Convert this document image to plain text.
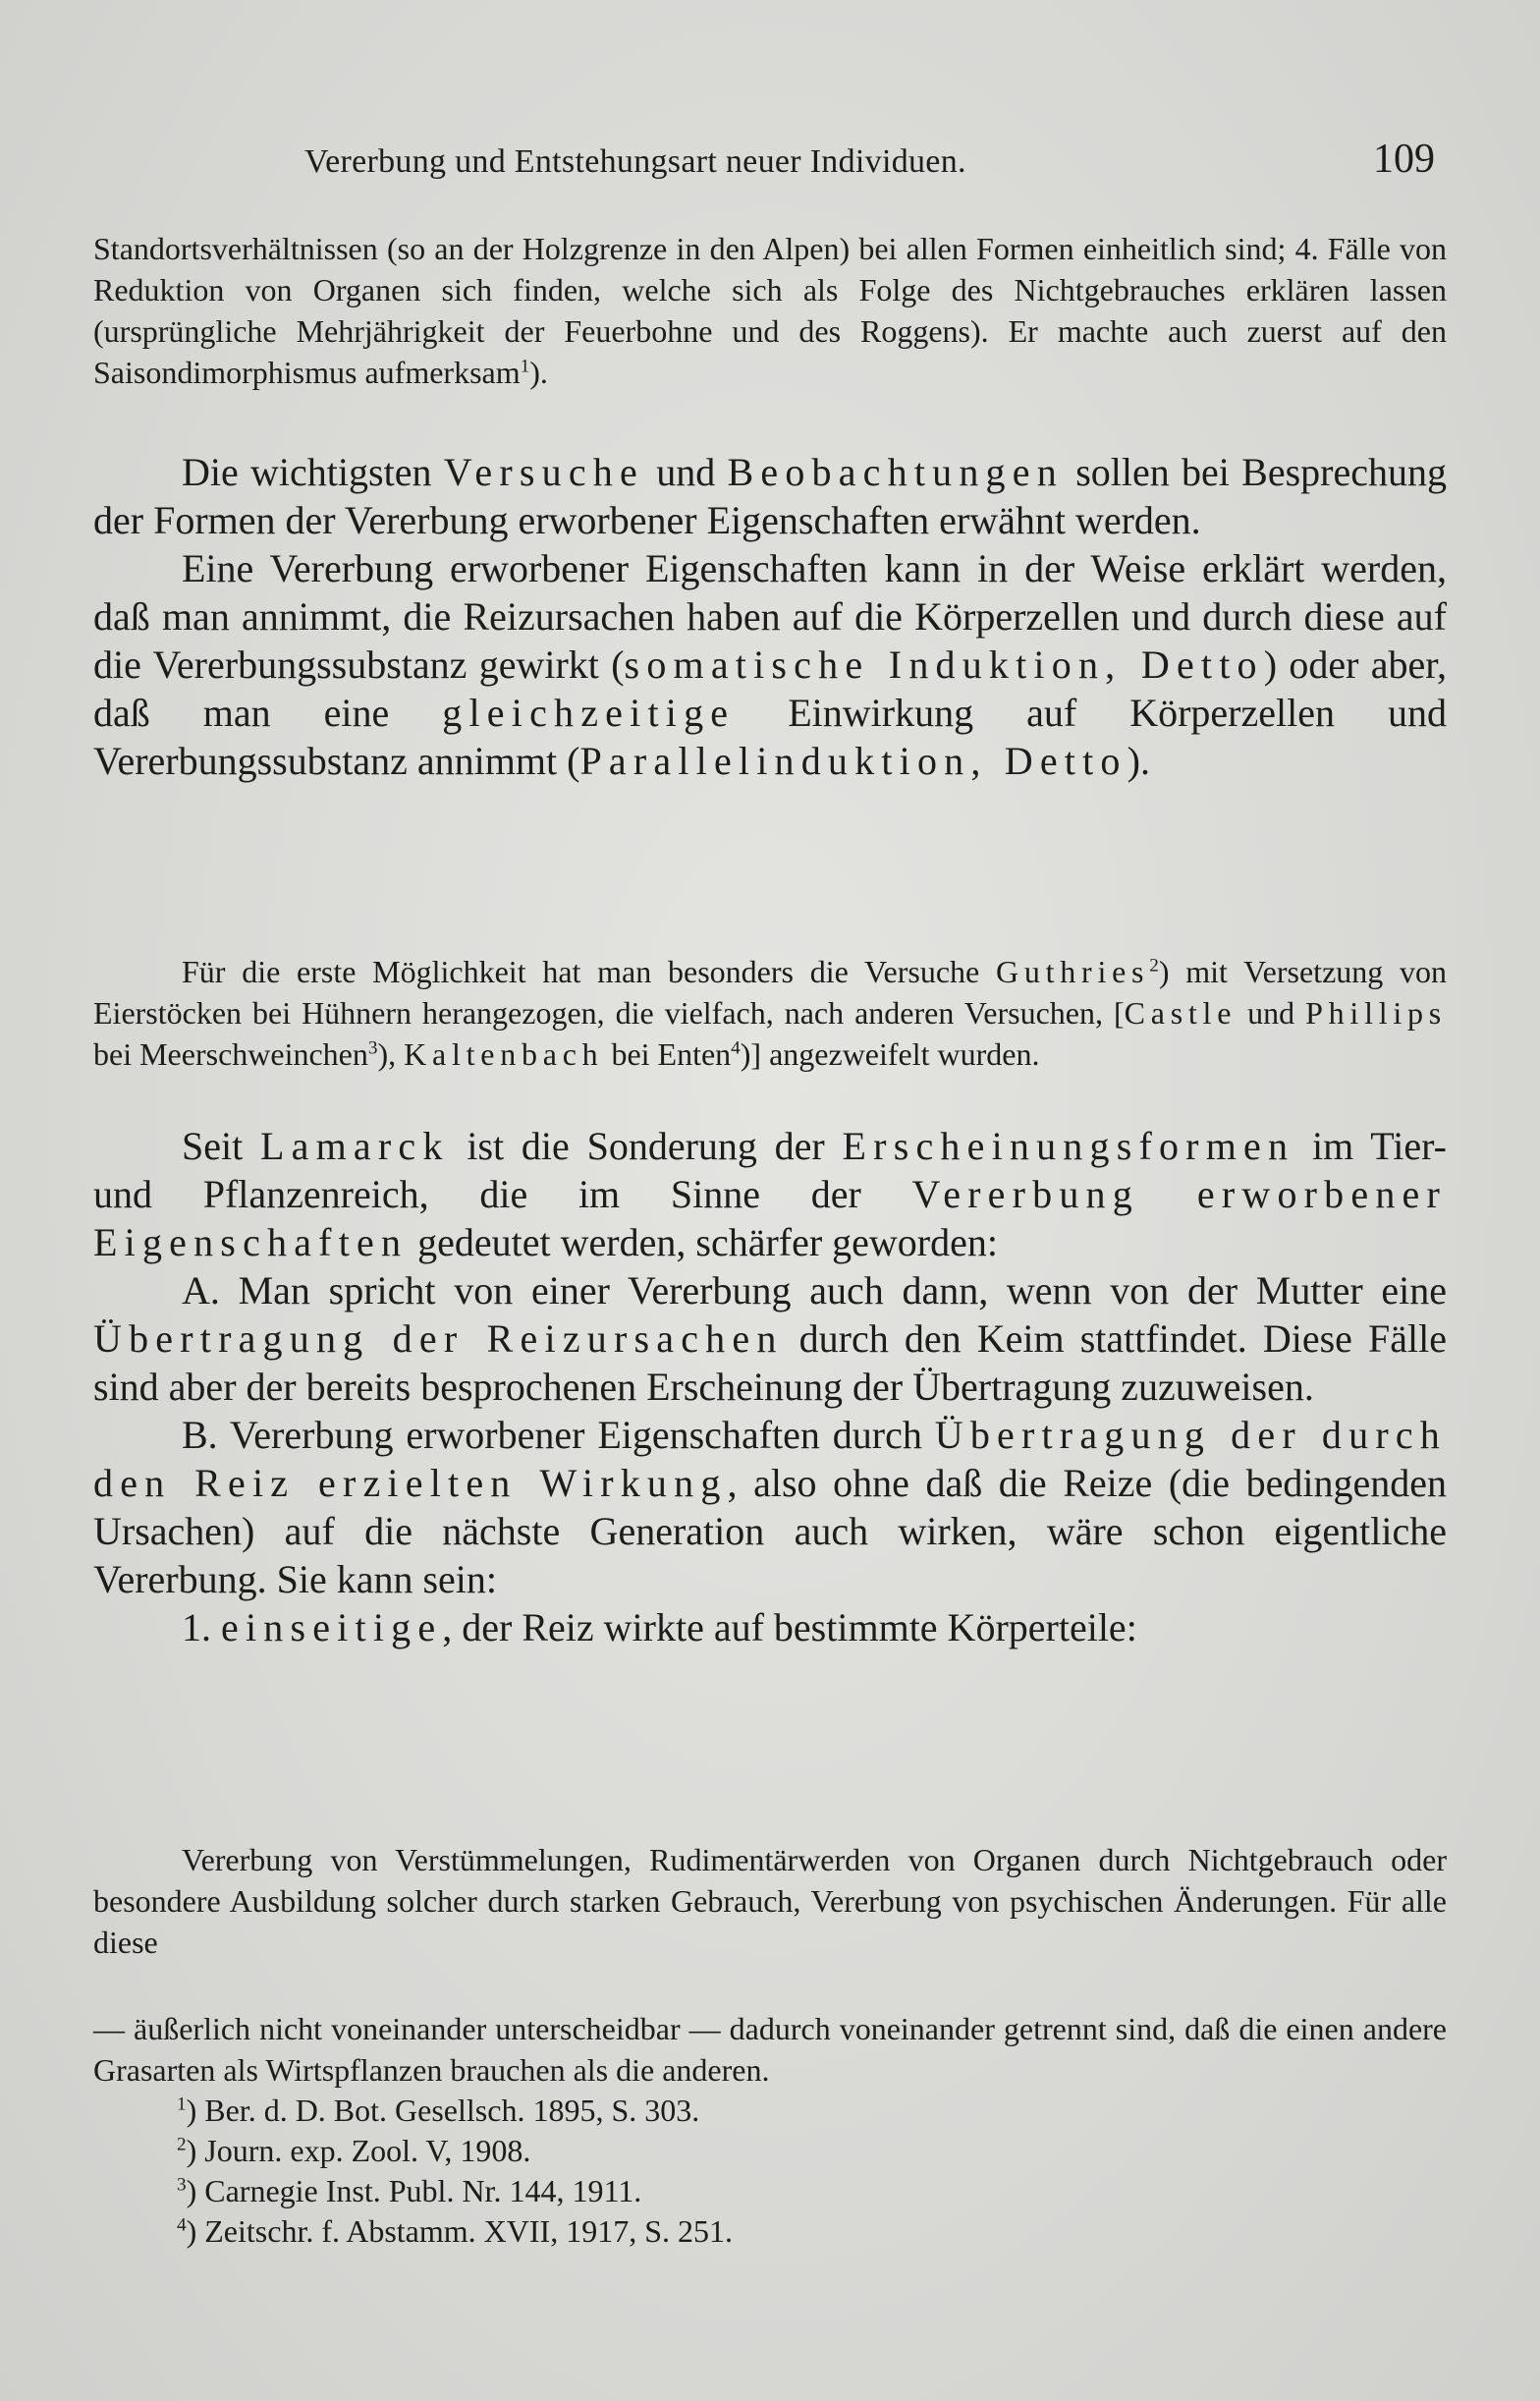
Vererbung und Entstehungsart neuer Individuen.	109

Standortsverhältnissen (so an der Holzgrenze in den Alpen) bei allen Formen einheitlich sind; 4. Fälle von Reduktion von Organen sich finden, welche sich als Folge des Nichtgebrauches erklären lassen (ursprüngliche Mehrjährigkeit der Feuerbohne und des Roggens). Er machte auch zuerst auf den Saisondimorphismus aufmerksam$^1$).

Die wichtigsten Versuche und Beobachtungen sollen bei Besprechung der Formen der Vererbung erworbener Eigenschaften erwähnt werden.

Eine Vererbung erworbener Eigenschaften kann in der Weise erklärt werden, daß man annimmt, die Reizursachen haben auf die Körperzellen und durch diese auf die Vererbungssubstanz gewirkt (somatische Induktion, Detto) oder aber, daß man eine gleichzeitige Einwirkung auf Körperzellen und Vererbungssubstanz annimmt (Parallelinduktion, Detto).

Für die erste Möglichkeit hat man besonders die Versuche Guthries$^2$) mit Versetzung von Eierstöcken bei Hühnern herangezogen, die vielfach, nach anderen Versuchen, [Castle und Phillips bei Meerschweinchen$^3$), Kaltenbach bei Enten$^4$)] angezweifelt wurden.

Seit Lamarck ist die Sonderung der Erscheinungsformen im Tier- und Pflanzenreich, die im Sinne der Vererbung erworbener Eigenschaften gedeutet werden, schärfer geworden:

A. Man spricht von einer Vererbung auch dann, wenn von der Mutter eine Übertragung der Reizursachen durch den Keim stattfindet. Diese Fälle sind aber der bereits besprochenen Erscheinung der Übertragung zuzuweisen.

B. Vererbung erworbener Eigenschaften durch Übertragung der durch den Reiz erzielten Wirkung, also ohne daß die Reize (die bedingenden Ursachen) auf die nächste Generation auch wirken, wäre schon eigentliche Vererbung. Sie kann sein:

1. einseitige, der Reiz wirkte auf bestimmte Körperteile:

Vererbung von Verstümmelungen, Rudimentärwerden von Organen durch Nichtgebrauch oder besondere Ausbildung solcher durch starken Gebrauch, Vererbung von psychischen Änderungen. Für alle diese

— äußerlich nicht voneinander unterscheidbar — dadurch voneinander getrennt sind, daß die einen andere Grasarten als Wirtspflanzen brauchen als die anderen.

$^1$) Ber. d. D. Bot. Gesellsch. 1895, S. 303.

$^2$) Journ. exp. Zool. V, 1908.

$^3$) Carnegie Inst. Publ. Nr. 144, 1911.

$^4$) Zeitschr. f. Abstamm. XVII, 1917, S. 251.
